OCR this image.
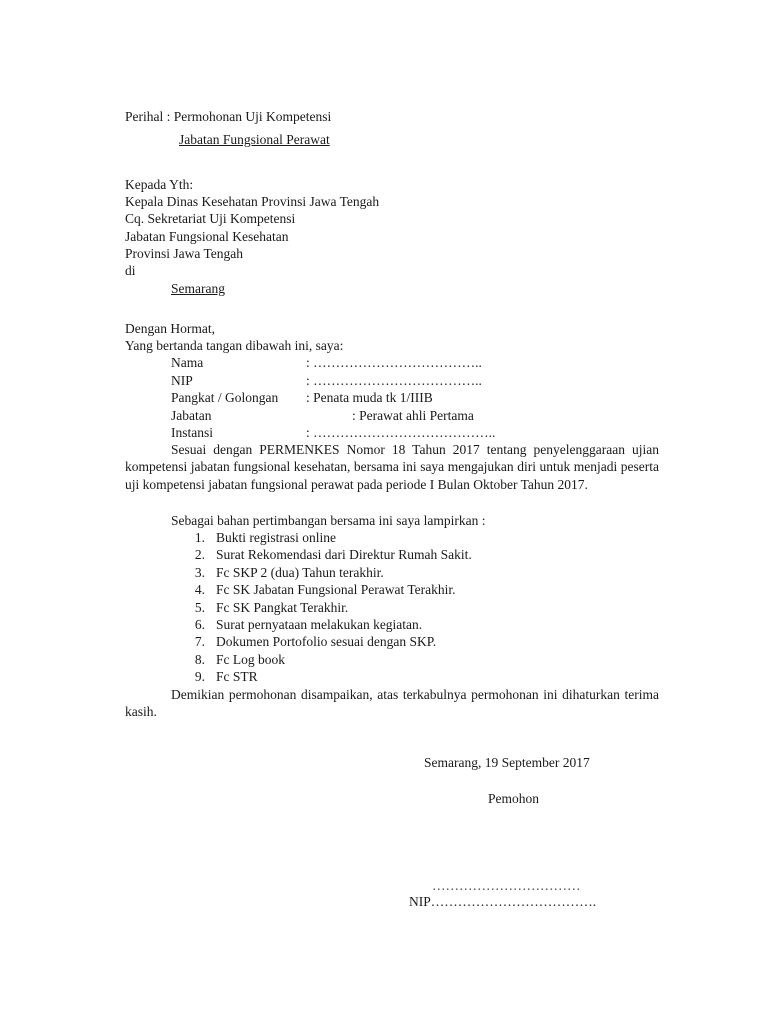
Perihal : Permohonan Uji Kompetensi
Jabatan Fungsional Perawat
Kepada Yth:
Kepala Dinas Kesehatan Provinsi Jawa Tengah
Cq. Sekretariat Uji Kompetensi
Jabatan Fungsional Kesehatan
Provinsi Jawa Tengah
di
Semarang
Dengan Hormat,
Yang bertanda tangan dibawah ini, saya:
Nama	: ………………………………..
NIP	: ………………………………..
Pangkat / Golongan : Penata muda tk 1/IIIB
Jabatan	: Perawat ahli Pertama
Instansi	: …………………………………..
Sesuai dengan PERMENKES Nomor 18 Tahun 2017 tentang penyelenggaraan ujian kompetensi jabatan fungsional kesehatan, bersama ini saya mengajukan diri untuk menjadi peserta uji kompetensi jabatan fungsional perawat pada periode I Bulan Oktober Tahun 2017.
Sebagai bahan pertimbangan bersama ini saya lampirkan :
1. Bukti registrasi online
2. Surat Rekomendasi dari Direktur Rumah Sakit.
3. Fc SKP 2 (dua) Tahun terakhir.
4. Fc SK Jabatan Fungsional Perawat Terakhir.
5. Fc SK Pangkat Terakhir.
6. Surat pernyataan melakukan kegiatan.
7. Dokumen Portofolio sesuai dengan SKP.
8. Fc Log book
9. Fc STR
Demikian permohonan disampaikan, atas terkabulnya permohonan ini dihaturkan terima kasih.
Semarang, 19 September 2017
Pemohon
……………………………
NIP……………………………….
